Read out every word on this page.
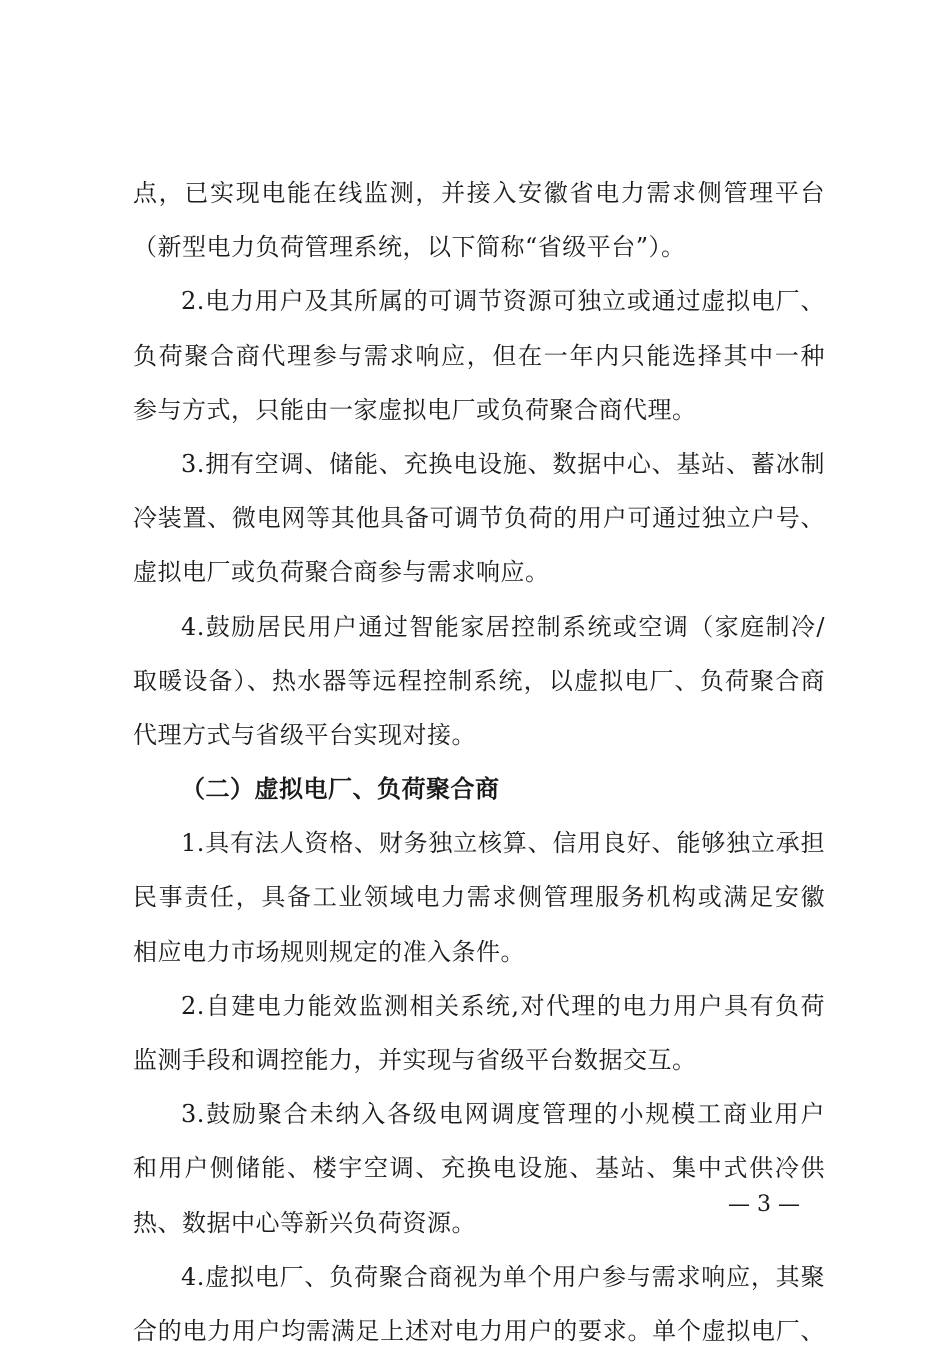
点，已实现电能在线监测，并接入安徽省电力需求侧管理平台
（新型电力负荷管理系统，以下简称“省级平台”）。
2.电力用户及其所属的可调节资源可独立或通过虚拟电厂、
负荷聚合商代理参与需求响应，但在一年内只能选择其中一种
参与方式，只能由一家虚拟电厂或负荷聚合商代理。
3.拥有空调、储能、充换电设施、数据中心、基站、蓄冰制
冷装置、微电网等其他具备可调节负荷的用户可通过独立户号、
虚拟电厂或负荷聚合商参与需求响应。
4.鼓励居民用户通过智能家居控制系统或空调（家庭制冷/
取暖设备）、热水器等远程控制系统，以虚拟电厂、负荷聚合商
代理方式与省级平台实现对接。
（二）虚拟电厂、负荷聚合商
1.具有法人资格、财务独立核算、信用良好、能够独立承担
民事责任，具备工业领域电力需求侧管理服务机构或满足安徽
相应电力市场规则规定的准入条件。
2.自建电力能效监测相关系统,对代理的电力用户具有负荷
监测手段和调控能力，并实现与省级平台数据交互。
3.鼓励聚合未纳入各级电网调度管理的小规模工商业用户
和用户侧储能、楼宇空调、充换电设施、基站、集中式供冷供
热、数据中心等新兴负荷资源。
4.虚拟电厂、负荷聚合商视为单个用户参与需求响应，其聚
合的电力用户均需满足上述对电力用户的要求。单个虚拟电厂、
— 3 —
